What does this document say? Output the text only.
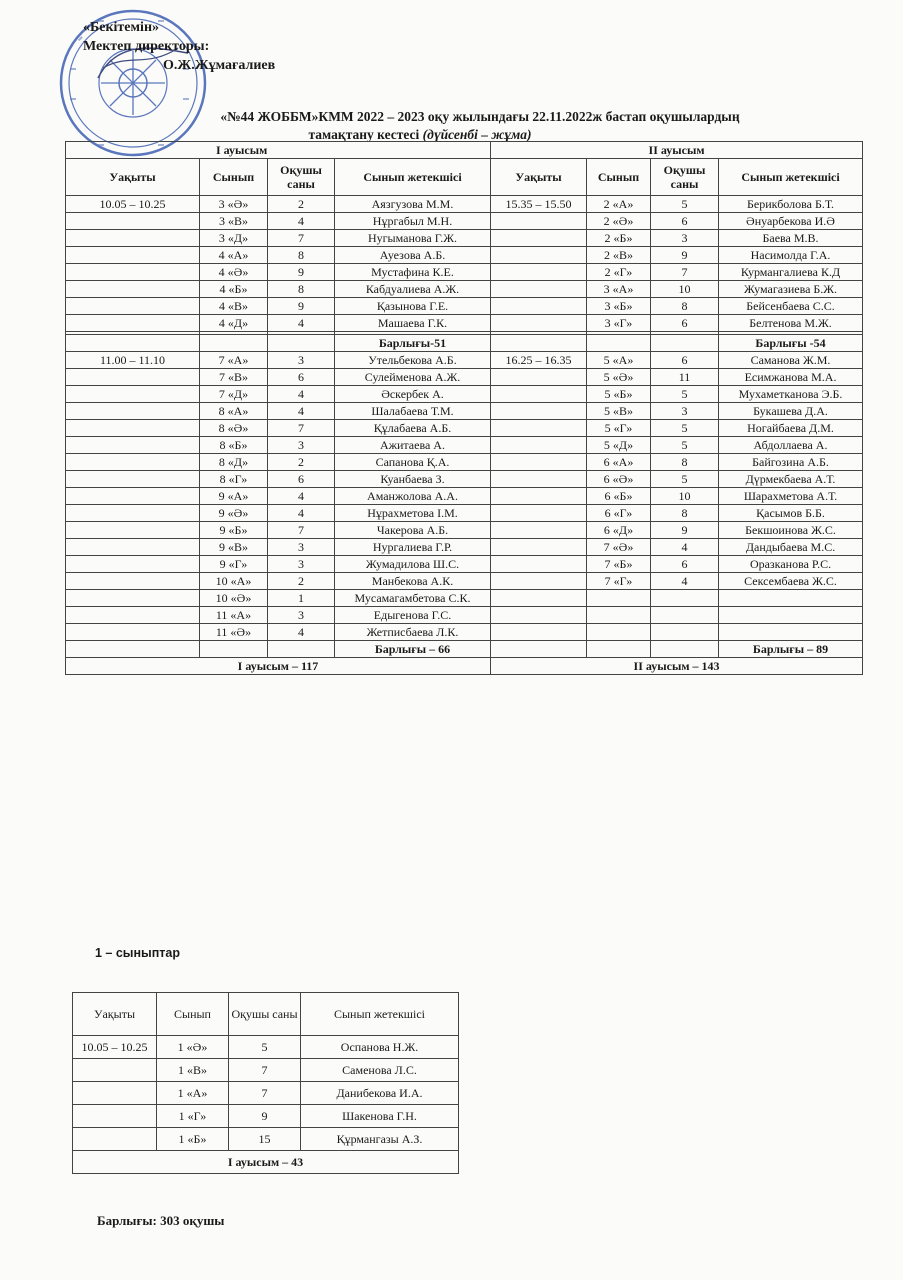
«Бекітемін»
Мектеп директоры:
О.Ж.Жұмағалиев
«№44 ЖОББМ»КММ 2022 – 2023 оқу жылындағы 22.11.2022ж бастап оқушылардың

тамақтану кестесі (дүйсенбі – жұма)
І ауысым				ІІ ауысым			
Уақыты	Сынып	Оқушы саны	Сынып жетекшісі	Уақыты	Сынып	Оқушы саны	Сынып жетекшісі
10.05 – 10.25	3 «Ә»	2	Аязгузова М.М.	15.35 – 15.50	2 «А»	5	Берикболова Б.Т.
	3 «В»	4	Нұргабыл М.Н.		2 «Ә»	6	Әнуарбекова И.Ә
	3 «Д»	7	Нугыманова Г.Ж.		2 «Б»	3	Баева М.В.
	4 «А»	8	Ауезова А.Б.		2 «В»	9	Насимолда Г.А.
	4 «Ә»	9	Мустафина К.Е.		2 «Г»	7	Курмангалиева К.Д
	4 «Б»	8	Кабдуалиева А.Ж.		3 «А»	10	Жумагазиева Б.Ж.
	4 «В»	9	Қазынова Г.Е.		3 «Б»	8	Бейсенбаева С.С.
	4 «Д»	4	Машаева Г.К.		3 «Г»	6	Белтенова М.Ж.

			Барлығы-51				Барлығы -54
11.00 – 11.10	7 «А»	3	Утельбекова А.Б.	16.25 – 16.35	5 «А»	6	Саманова Ж.М.
	7 «В»	6	Сулейменова А.Ж.		5 «Ә»	11	Есимжанова М.А.
	7 «Д»	4	Әскербек А.		5 «Б»	5	Мухаметканова Э.Б.
	8 «А»	4	Шалабаева Т.М.		5 «В»	3	Букашева Д.А.
	8 «Ә»	7	Құлабаева А.Б.		5 «Г»	5	Ногайбаева Д.М.
	8 «Б»	3	Ажитаева А.		5 «Д»	5	Абдоллаева А.
	8 «Д»	2	Сапанова Қ.А.		6 «А»	8	Байгозина А.Б.
	8 «Г»	6	Куанбаева З.		6 «Ә»	5	Дүрмекбаева А.Т.
	9 «А»	4	Аманжолова А.А.		6 «Б»	10	Шарахметова А.Т.
	9 «Ә»	4	Нұрахметова І.М.		6 «Г»	8	Қасымов Б.Б.
	9 «Б»	7	Чакерова А.Б.		6 «Д»	9	Бекшоинова Ж.С.
	9 «В»	3	Нургалиева Г.Р.		7 «Ә»	4	Дандыбаева М.С.
	9 «Г»	3	Жумадилова Ш.С.		7 «Б»	6	Оразканова Р.С.
	10 «А»	2	Манбекова А.К.		7 «Г»	4	Сексембаева Ж.С.
	10 «Ә»	1	Мусамагамбетова С.К.				
	11 «А»	3	Едыгенова Г.С.				
	11 «Ә»	4	Жетписбаева Л.К.				
			Барлығы – 66				Барлығы – 89
І ауысым – 117				ІІ ауысым – 143			
1 – сыныптар
Уақыты	Сынып	Оқушы саны	Сынып жетекшісі
10.05 – 10.25	1 «Ә»	5	Оспанова Н.Ж.
	1 «В»	7	Саменова Л.С.
	1 «А»	7	Данибекова И.А.
	1 «Г»	9	Шакенова Г.Н.
	1 «Б»	15	Құрмангазы А.З.
І ауысым – 43			
Барлығы: 303 оқушы
